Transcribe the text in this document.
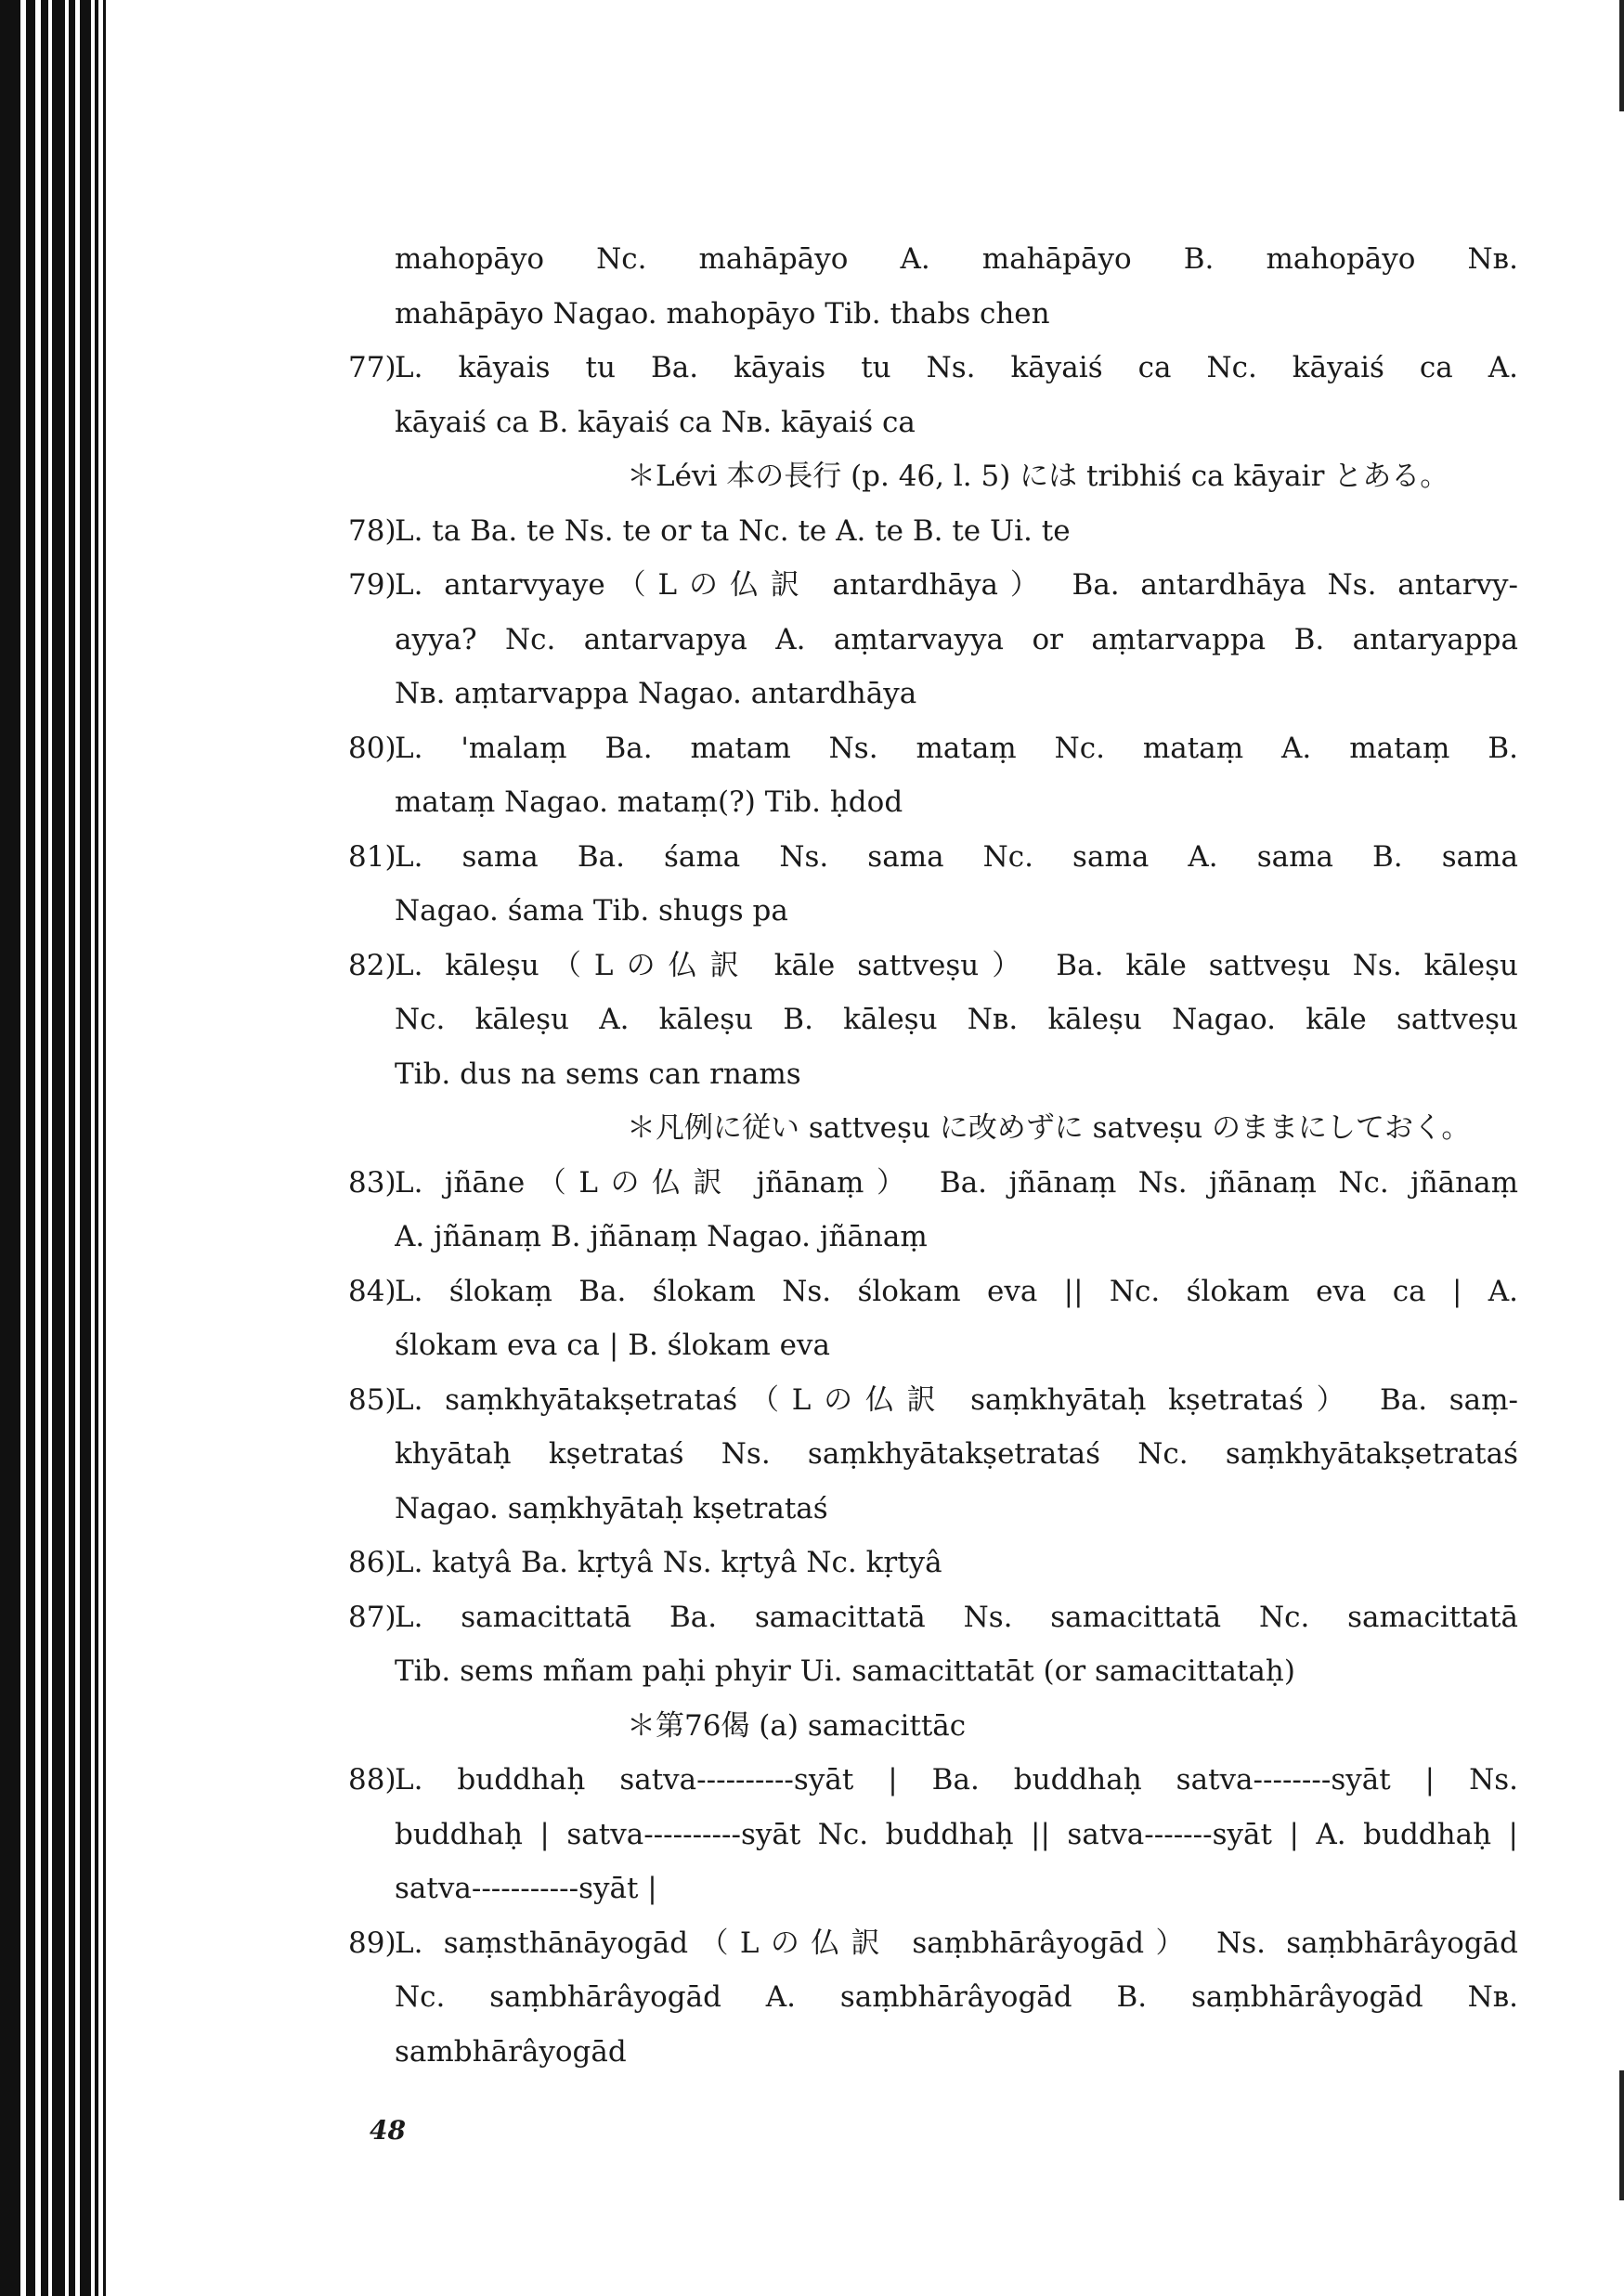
mahopāyo Nc. mahāpāyo A. mahāpāyo B. mahopāyo Nʙ.
mahāpāyo Nagao. mahopāyo Tib. thabs chen
77)L. kāyais tu Ba. kāyais tu Ns. kāyaiś ca Nc. kāyaiś ca A.
kāyaiś ca B. kāyaiś ca Nʙ. kāyaiś ca
＊Lévi 本の長行 (p. 46, l. 5) には tribhiś ca kāyair とある。
78)L. ta Ba. te Ns. te or ta Nc. te A. te B. te Ui. te
79)L. antarvyaye（Lの仏訳 antardhāya） Ba. antardhāya Ns. antarvy-
ayya? Nc. antarvapya A. aṃtarvayya or aṃtarvappa B. antaryappa
Nʙ. aṃtarvappa Nagao. antardhāya
80)L. 'malaṃ Ba. matam Ns. mataṃ Nc. mataṃ A. mataṃ B.
mataṃ Nagao. mataṃ(?) Tib. ḥdod
81)L. sama Ba. śama Ns. sama Nc. sama A. sama B. sama
Nagao. śama Tib. shugs pa
82)L. kāleṣu（Lの仏訳 kāle sattveṣu） Ba. kāle sattveṣu Ns. kāleṣu
Nc. kāleṣu A. kāleṣu B. kāleṣu Nʙ. kāleṣu Nagao. kāle sattveṣu
Tib. dus na sems can rnams
＊凡例に従い sattveṣu に改めずに satveṣu のままにしておく。
83)L. jñāne（Lの仏訳 jñānaṃ） Ba. jñānaṃ Ns. jñānaṃ Nc. jñānaṃ
A. jñānaṃ B. jñānaṃ Nagao. jñānaṃ
84)L. ślokaṃ Ba. ślokam Ns. ślokam eva || Nc. ślokam eva ca | A.
ślokam eva ca | B. ślokam eva
85)L. saṃkhyātakṣetrataś（Lの仏訳 saṃkhyātaḥ kṣetrataś） Ba. saṃ-
khyātaḥ kṣetrataś Ns. saṃkhyātakṣetrataś Nc. saṃkhyātakṣetrataś
Nagao. saṃkhyātaḥ kṣetrataś
86)L. katyâ Ba. kṛtyâ Ns. kṛtyâ Nc. kṛtyâ
87)L. samacittatā Ba. samacittatā Ns. samacittatā Nc. samacittatā
Tib. sems mñam paḥi phyir Ui. samacittatāt (or samacittataḥ)
＊第76偈 (a) samacittāc
88)L. buddhaḥ satva----------syāt | Ba. buddhaḥ satva--------syāt | Ns.
buddhaḥ | satva----------syāt Nc. buddhaḥ || satva-------syāt | A. buddhaḥ |
satva-----------syāt |
89)L. saṃsthānāyogād（Lの仏訳 saṃbhārâyogād） Ns. saṃbhārâyogād
Nc. saṃbhārâyogād A. saṃbhārâyogād B. saṃbhārâyogād Nʙ.
sambhārâyogād
48
